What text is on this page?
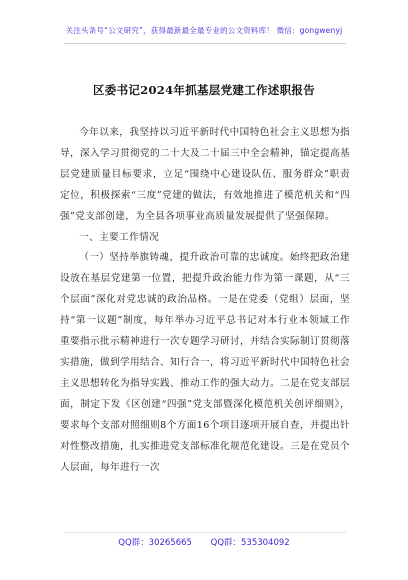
关注头条号“公文研究”，获得最新最全最专业的公文资料库！ 微信：gongwenyj
区委书记2024年抓基层党建工作述职报告

今年以来，我坚持以习近平新时代中国特色社会主义思想为指导，深入学习贯彻党的二十大及二十届三中全会精神，锚定提高基层党建质量目标要求，立足“围绕中心建设队伍、服务群众”职责定位，积极探索“三度”党建的做法，有效地推进了模范机关和“四强”党支部创建，为全县各项事业高质量发展提供了坚强保障。

一、主要工作情况

（一）坚持举旗铸魂，提升政治可靠的忠诚度。始终把政治建设放在基层党建第一位置，把提升政治能力作为第一课题，从“三个层面”深化对党忠诚的政治品格。一是在党委（党组）层面，坚持“第一议题”制度，每年举办习近平总书记对本行业本领域工作重要指示批示精神进行一次专题学习研讨，并结合实际制订贯彻落实措施，做到学用结合、知行合一，将习近平新时代中国特色社会主义思想转化为指导实践、推动工作的强大动力。二是在党支部层面，制定下发《区创建“四强”党支部暨深化模范机关创评细则》，要求每个支部对照细则8个方面16个项目逐项开展自查，并提出针对性整改措施，扎实推进党支部标准化规范化建设。三是在党员个人层面，每年进行一次

QQ群：30265665 QQ群：535304092
